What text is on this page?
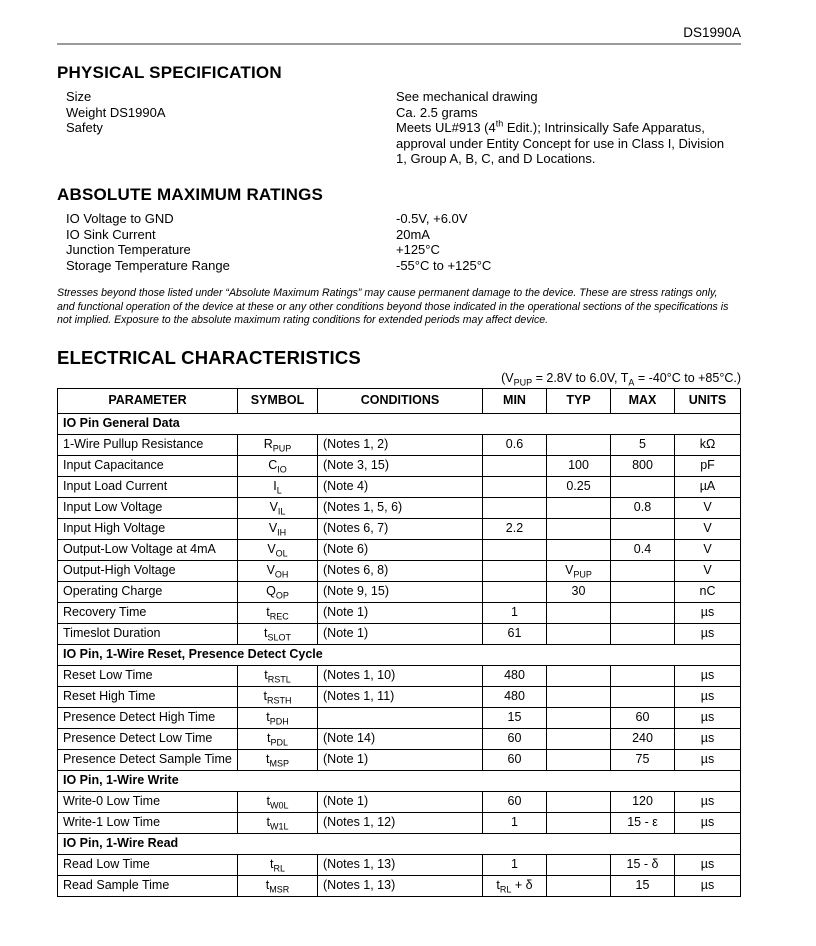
DS1990A
PHYSICAL SPECIFICATION
Size	See mechanical drawing
Weight DS1990A	Ca. 2.5 grams
Safety	Meets UL#913 (4th Edit.); Intrinsically Safe Apparatus,
approval under Entity Concept for use in Class I, Division
1, Group A, B, C, and D Locations.
ABSOLUTE MAXIMUM RATINGS
IO Voltage to GND	-0.5V, +6.0V
IO Sink Current	20mA
Junction Temperature	+125°C
Storage Temperature Range	-55°C to +125°C
Stresses beyond those listed under “Absolute Maximum Ratings” may cause permanent damage to the device. These are stress ratings only,
and functional operation of the device at these or any other conditions beyond those indicated in the operational sections of the specifications is
not implied. Exposure to the absolute maximum rating conditions for extended periods may affect device.
ELECTRICAL CHARACTERISTICS
($V_{PUP} = 2.8V$ to 6.0V, $T_A = -40^\circ C$ to +85°C.)
PARAMETER	SYMBOL	CONDITIONS	MIN	TYP	MAX	UNITS
IO Pin General Data						
1-Wire Pullup Resistance	$R_{PUP}$	(Notes 1, 2)	0.6		5	kΩ
Input Capacitance	$C_{IO}$	(Note 3, 15)		100	800	pF
Input Load Current	$I_L$	(Note 4)		0.25		µA
Input Low Voltage	$V_{IL}$	(Notes 1, 5, 6)			0.8	V
Input High Voltage	$V_{IH}$	(Notes 6, 7)	2.2			V
Output-Low Voltage at 4mA	$V_{OL}$	(Note 6)			0.4	V
Output-High Voltage	$V_{OH}$	(Notes 6, 8)		$V_{PUP}$		V
Operating Charge	$Q_{OP}$	(Note 9, 15)		30		nC
Recovery Time	$t_{REC}$	(Note 1)	1			µs
Timeslot Duration	$t_{SLOT}$	(Note 1)	61			µs
IO Pin, 1-Wire Reset, Presence Detect Cycle						
Reset Low Time	$t_{RSTL}$	(Notes 1, 10)	480			µs
Reset High Time	$t_{RSTH}$	(Notes 1, 11)	480			µs
Presence Detect High Time	$t_{PDH}$		15		60	µs
Presence Detect Low Time	$t_{PDL}$	(Note 14)	60		240	µs
Presence Detect Sample Time	$t_{MSP}$	(Note 1)	60		75	µs
IO Pin, 1-Wire Write						
Write-0 Low Time	$t_{W0L}$	(Note 1)	60		120	µs
Write-1 Low Time	$t_{W1L}$	(Notes 1, 12)	1		15 - ε	µs
IO Pin, 1-Wire Read						
Read Low Time	$t_{RL}$	(Notes 1, 13)	1		15 - δ	µs
Read Sample Time	$t_{MSR}$	(Notes 1, 13)	$t_{RL} + \delta$		15	µs
